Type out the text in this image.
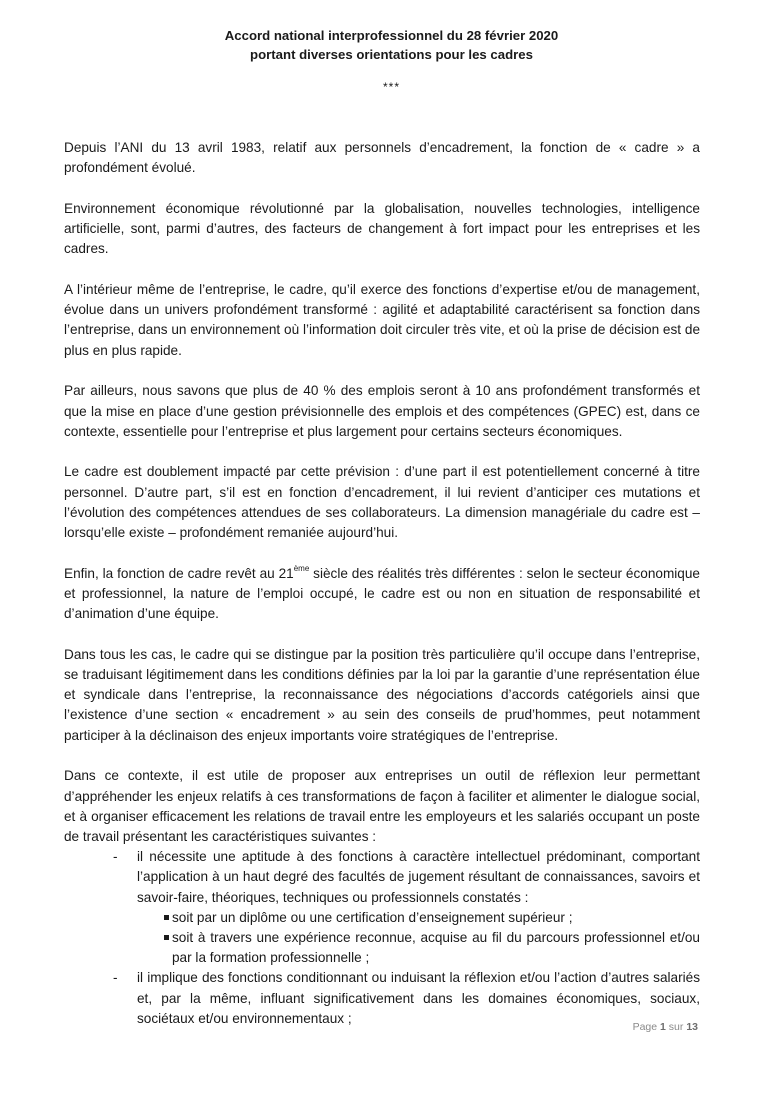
Accord national interprofessionnel du 28 février 2020
portant diverses orientations pour les cadres
***

Depuis l’ANI du 13 avril 1983, relatif aux personnels d’encadrement, la fonction de « cadre » a profondément évolué.

Environnement économique révolutionné par la globalisation, nouvelles technologies, intelligence artificielle, sont, parmi d’autres, des facteurs de changement à fort impact pour les entreprises et les cadres.

A l’intérieur même de l’entreprise, le cadre, qu’il exerce des fonctions d’expertise et/ou de management, évolue dans un univers profondément transformé : agilité et adaptabilité caractérisent sa fonction dans l’entreprise, dans un environnement où l’information doit circuler très vite, et où la prise de décision est de plus en plus rapide.

Par ailleurs, nous savons que plus de 40 % des emplois seront à 10 ans profondément transformés et que la mise en place d’une gestion prévisionnelle des emplois et des compétences (GPEC) est, dans ce contexte, essentielle pour l’entreprise et plus largement pour certains secteurs économiques.

Le cadre est doublement impacté par cette prévision : d’une part il est potentiellement concerné à titre personnel. D’autre part, s’il est en fonction d’encadrement, il lui revient d’anticiper ces mutations et l’évolution des compétences attendues de ses collaborateurs. La dimension managériale du cadre est – lorsqu’elle existe – profondément remaniée aujourd’hui.

Enfin, la fonction de cadre revêt au 21ème siècle des réalités très différentes : selon le secteur économique et professionnel, la nature de l’emploi occupé, le cadre est ou non en situation de responsabilité et d’animation d’une équipe.

Dans tous les cas, le cadre qui se distingue par la position très particulière qu’il occupe dans l’entreprise, se traduisant légitimement dans les conditions définies par la loi par la garantie d’une représentation élue et syndicale dans l’entreprise, la reconnaissance des négociations d’accords catégoriels ainsi que l’existence d’une section « encadrement » au sein des conseils de prud’hommes, peut notamment participer à la déclinaison des enjeux importants voire stratégiques de l’entreprise.

Dans ce contexte, il est utile de proposer aux entreprises un outil de réflexion leur permettant d’appréhender les enjeux relatifs à ces transformations de façon à faciliter et alimenter le dialogue social, et à organiser efficacement les relations de travail entre les employeurs et les salariés occupant un poste de travail présentant les caractéristiques suivantes :

- il nécessite une aptitude à des fonctions à caractère intellectuel prédominant, comportant l’application à un haut degré des facultés de jugement résultant de connaissances, savoirs et savoir-faire, théoriques, techniques ou professionnels constatés :
soit par un diplôme ou une certification d’enseignement supérieur ;
soit à travers une expérience reconnue, acquise au fil du parcours professionnel et/ou par la formation professionnelle ;
- il implique des fonctions conditionnant ou induisant la réflexion et/ou l’action d’autres salariés et, par la même, influant significativement dans les domaines économiques, sociaux, sociétaux et/ou environnementaux ;
Page 1 sur 13
